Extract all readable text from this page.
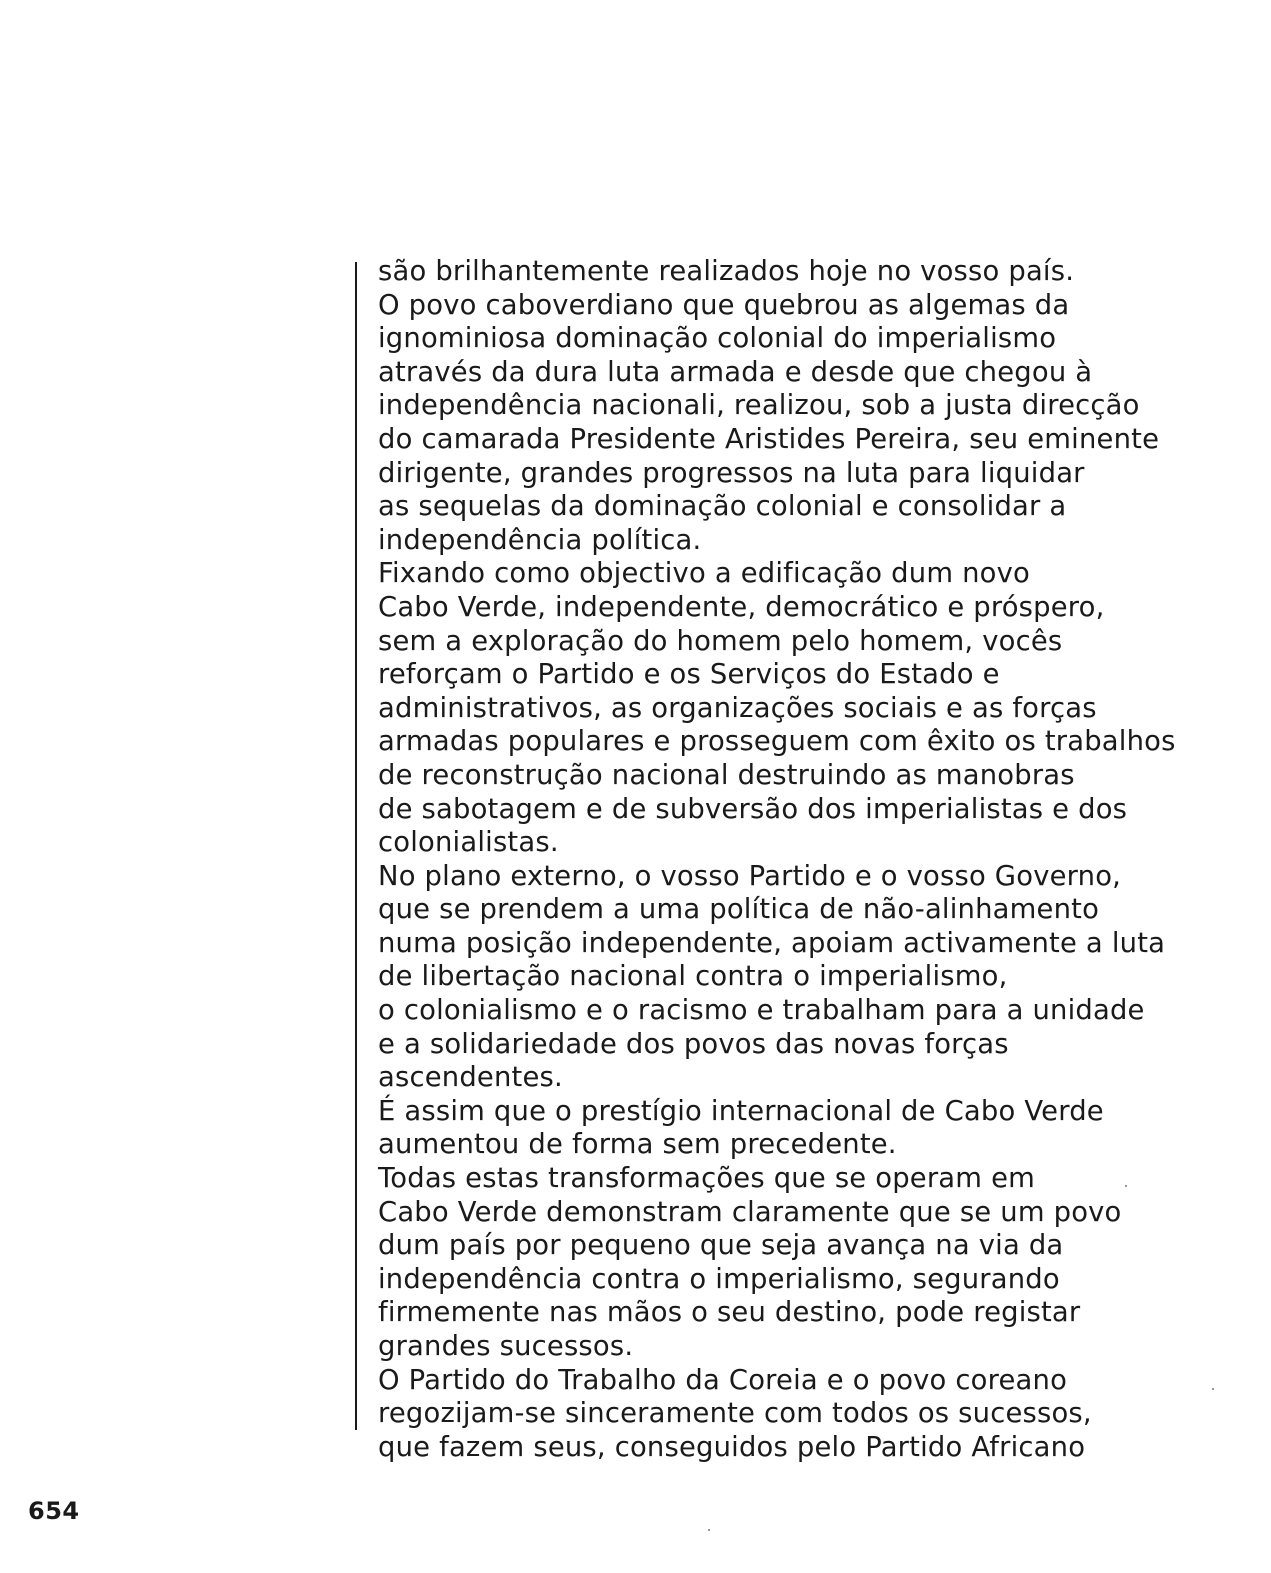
são brilhantemente realizados hoje no vosso país.
O povo caboverdiano que quebrou as algemas da
ignominiosa dominação colonial do imperialismo
através da dura luta armada e desde que chegou à
independência nacionali, realizou, sob a justa direcção
do camarada Presidente Aristides Pereira, seu eminente
dirigente, grandes progressos na luta para liquidar
as sequelas da dominação colonial e consolidar a
independência política.
Fixando como objectivo a edificação dum novo
Cabo Verde, independente, democrático e próspero,
sem a exploração do homem pelo homem, vocês
reforçam o Partido e os Serviços do Estado e
administrativos, as organizações sociais e as forças
armadas populares e prosseguem com êxito os trabalhos
de reconstrução nacional destruindo as manobras
de sabotagem e de subversão dos imperialistas e dos
colonialistas.
No plano externo, o vosso Partido e o vosso Governo,
que se prendem a uma política de não-alinhamento
numa posição independente, apoiam activamente a luta
de libertação nacional contra o imperialismo,
o colonialismo e o racismo e trabalham para a unidade
e a solidariedade dos povos das novas forças
ascendentes.
É assim que o prestígio internacional de Cabo Verde
aumentou de forma sem precedente.
Todas estas transformações que se operam em
Cabo Verde demonstram claramente que se um povo
dum país por pequeno que seja avança na via da
independência contra o imperialismo, segurando
firmemente nas mãos o seu destino, pode registar
grandes sucessos.
O Partido do Trabalho da Coreia e o povo coreano
regozijam-se sinceramente com todos os sucessos,
que fazem seus, conseguidos pelo Partido Africano
654
